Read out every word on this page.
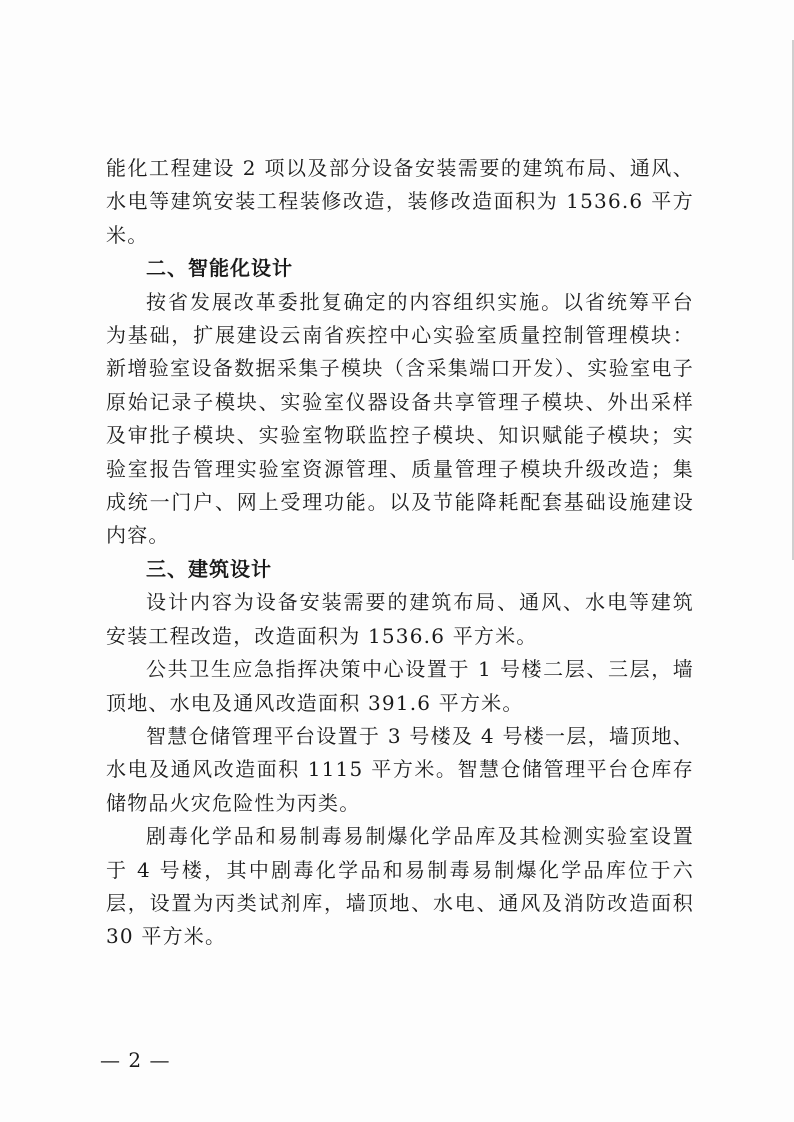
能化工程建设 2 项以及部分设备安装需要的建筑布局、通风、水电等建筑安装工程装修改造，装修改造面积为 1536.6 平方米。

二、智能化设计

按省发展改革委批复确定的内容组织实施。以省统筹平台为基础，扩展建设云南省疾控中心实验室质量控制管理模块：新增验室设备数据采集子模块（含采集端口开发）、实验室电子原始记录子模块、实验室仪器设备共享管理子模块、外出采样及审批子模块、实验室物联监控子模块、知识赋能子模块；实验室报告管理实验室资源管理、质量管理子模块升级改造；集成统一门户、网上受理功能。以及节能降耗配套基础设施建设内容。

三、建筑设计

设计内容为设备安装需要的建筑布局、通风、水电等建筑安装工程改造，改造面积为 1536.6 平方米。

公共卫生应急指挥决策中心设置于 1 号楼二层、三层，墙顶地、水电及通风改造面积 391.6 平方米。

智慧仓储管理平台设置于 3 号楼及 4 号楼一层，墙顶地、水电及通风改造面积 1115 平方米。智慧仓储管理平台仓库存储物品火灾危险性为丙类。

剧毒化学品和易制毒易制爆化学品库及其检测实验室设置于 4 号楼，其中剧毒化学品和易制毒易制爆化学品库位于六层，设置为丙类试剂库，墙顶地、水电、通风及消防改造面积 30 平方米。

— 2 —
